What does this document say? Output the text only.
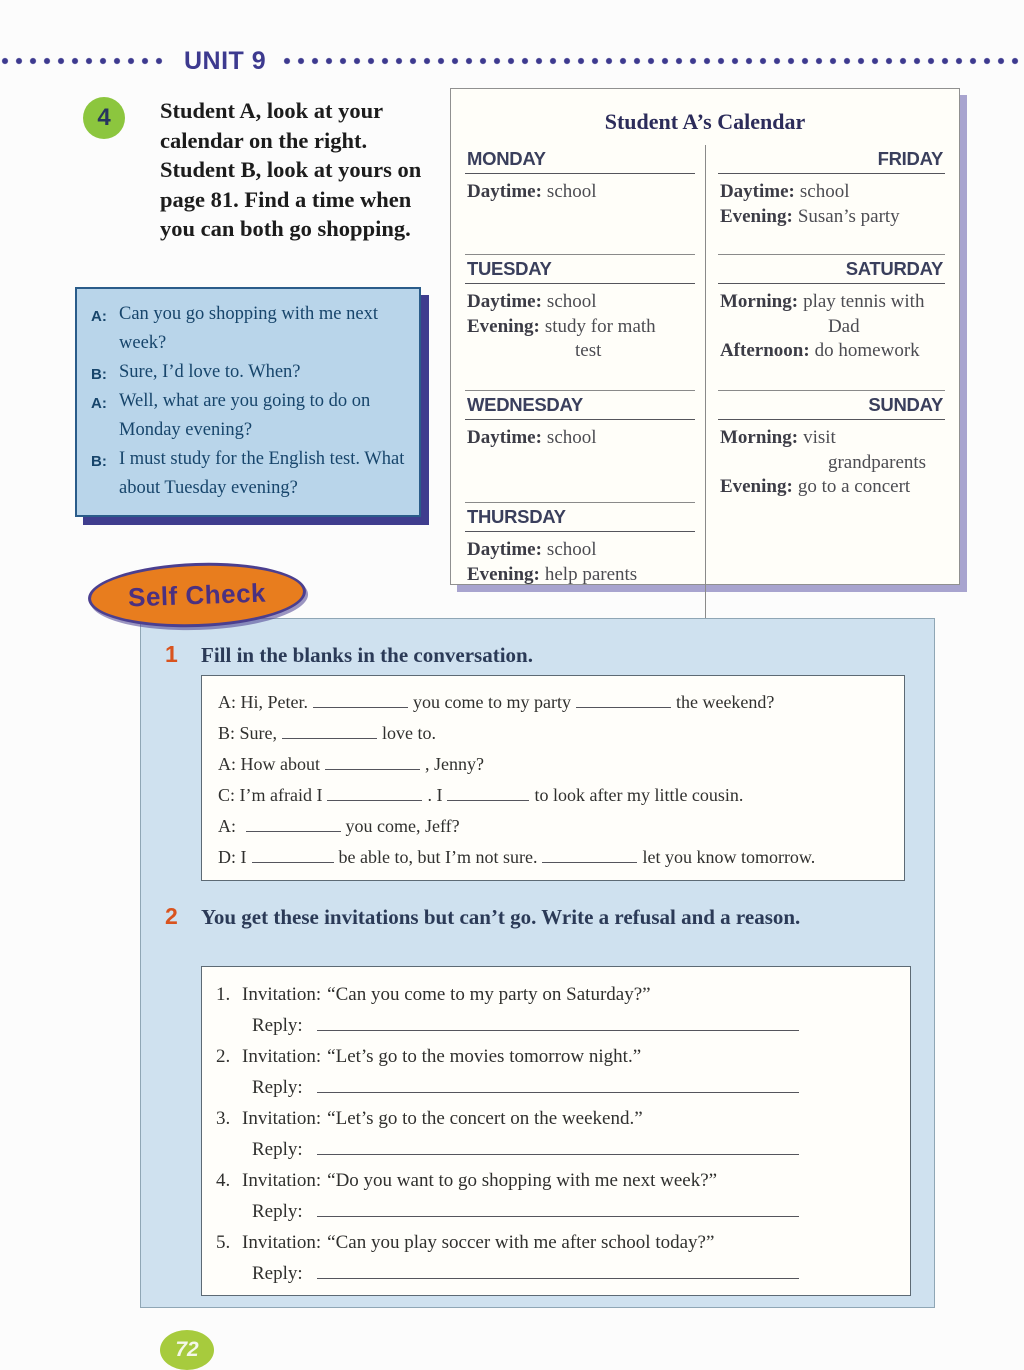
UNIT 9
4 Student A, look at your calendar on the right. Student B, look at yours on page 81. Find a time when you can both go shopping.
A: Can you go shopping with me next week?
B: Sure, I’d love to. When?
A: Well, what are you going to do on Monday evening?
B: I must study for the English test. What about Tuesday evening?
Student A’s Calendar
MONDAY
Daytime: school
TUESDAY
Daytime: school
Evening: study for math
test
WEDNESDAY
Daytime: school
THURSDAY
Daytime: school
Evening: help parents
FRIDAY
Daytime: school
Evening: Susan’s party
SATURDAY
Morning: play tennis with
Dad
Afternoon: do homework
SUNDAY
Morning: visit
grandparents
Evening: go to a concert
Self Check
1	Fill in the blanks in the conversation.
A: Hi, Peter.	you come to my party	the weekend?
B: Sure,	love to.
A: How about	, Jenny?
C: I’m afraid I	. I	to look after my little cousin.
A:	you come, Jeff?
D: I	be able to, but I’m not sure.	let you know tomorrow.
2	You get these invitations but can’t go. Write a refusal and a reason.
1. Invitation: “Can you come to my party on Saturday?”
Reply:
2. Invitation: “Let’s go to the movies tomorrow night.”
Reply:
3. Invitation: “Let’s go to the concert on the weekend.”
Reply:
4. Invitation: “Do you want to go shopping with me next week?”
Reply:
5. Invitation: “Can you play soccer with me after school today?”
Reply:
72
